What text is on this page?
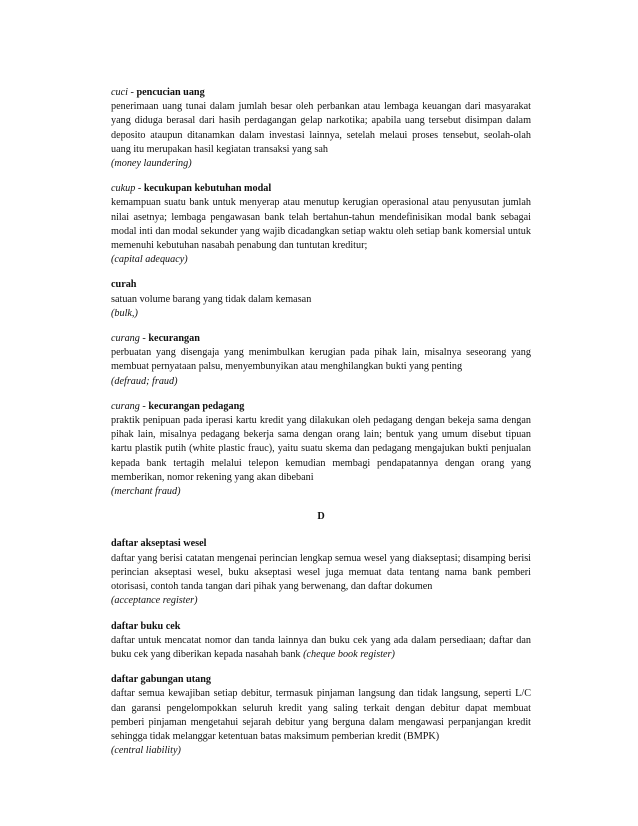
cuci - pencucian uang

penerimaan uang tunai dalam jumlah besar oleh perbankan atau lembaga keuangan dari masyarakat yang diduga berasal dari hasih perdagangan gelap narkotika; apabila uang tersebut disimpan dalam deposito ataupun ditanamkan dalam investasi lainnya, setelah melaui proses tensebut, seolah-olah uang itu merupakan hasil kegiatan transaksi yang sah

(money laundering)

cukup - kecukupan kebutuhan modal

kemampuan suatu bank untuk menyerap atau menutup kerugian operasional atau penyusutan jumlah nilai asetnya; lembaga pengawasan bank telah bertahun-tahun mendefinisikan modal bank sebagai modal inti dan modal sekunder yang wajib dicadangkan setiap waktu oleh setiap bank komersial untuk memenuhi kebutuhan nasabah penabung dan tuntutan kreditur;

(capital adequacy)

curah

satuan volume barang yang tidak dalam kemasan

(bulk,)

curang - kecurangan

perbuatan yang disengaja yang menimbulkan kerugian pada pihak lain, misalnya seseorang yang membuat pernyataan palsu, menyembunyikan atau menghilangkan bukti yang penting

(defraud; fraud)

curang - kecurangan pedagang

praktik penipuan pada iperasi kartu kredit yang dilakukan oleh pedagang dengan bekeja sama dengan pihak lain, misalnya pedagang bekerja sama dengan orang lain; bentuk yang umum disebut tipuan kartu plastik putih (white plastic frauc), yaitu suatu skema dan pedagang mengajukan bukti penjualan kepada bank tertagih melalui telepon kemudian membagi pendapatannya dengan orang yang memberikan, nomor rekening yang akan dibebani

(merchant fraud)

D

daftar akseptasi wesel

daftar yang berisi catatan mengenai perincian lengkap semua wesel yang diakseptasi; disamping berisi perincian akseptasi wesel, buku akseptasi wesel juga memuat data tentang nama bank pemberi otorisasi, contoh tanda tangan dari pihak yang berwenang, dan daftar dokumen

(acceptance register)

daftar buku cek

daftar untuk mencatat nomor dan tanda lainnya dan buku cek yang ada dalam persediaan; daftar dan buku cek yang diberikan kepada nasahah bank (cheque book register)

daftar gabungan utang

daftar semua kewajiban setiap debitur, termasuk pinjaman langsung dan tidak langsung, seperti L/C dan garansi pengelompokkan seluruh kredit yang saling terkait dengan debitur dapat membuat pemberi pinjaman mengetahui sejarah debitur yang berguna dalam mengawasi perpanjangan kredit sehingga tidak melanggar ketentuan batas maksimum pemberian kredit (BMPK)

(central liability)
